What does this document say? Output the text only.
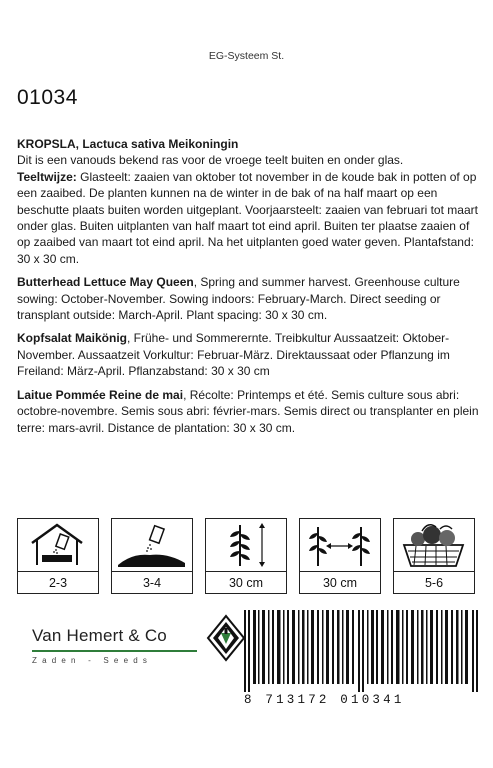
EG-Systeem St.
01034

KROPSLA, Lactuca sativa Meikoningin
Dit is een vanouds bekend ras voor de vroege teelt buiten en onder glas.
Teeltwijze: Glasteelt: zaaien van oktober tot november in de koude bak in potten of op een zaaibed. De planten kunnen na de winter in de bak of na half maart op een beschutte plaats buiten worden uitgeplant. Voorjaarsteelt: zaaien van februari tot maart onder glas. Buiten uitplanten van half maart tot eind april. Buiten ter plaatse zaaien of op zaaibed van maart tot eind april. Na het uitplanten goed water geven. Plantafstand: 30 x 30 cm.

Butterhead Lettuce May Queen, Spring and summer harvest. Greenhouse culture sowing: October-November. Sowing indoors: February-March. Direct seeding or transplant outside: March-April. Plant spacing: 30 x 30 cm.

Kopfsalat Maikönig, Frühe- und Sommerernte. Treibkultur Aussaatzeit: Oktober-November. Aussaatzeit Vorkultur: Februar-März. Direktaussaat oder Pflanzung im Freiland: März-April. Pflanzabstand: 30 x 30 cm

Laitue Pommée Reine de mai, Récolte: Printemps et été. Semis culture sous abri: octobre-novembre. Semis sous abri: février-mars. Semis direct ou transplanter en plein terre: mars-avril. Distance de plantation: 30 x 30 cm.

2-3	3-4	30 cm	30 cm	5-6
Van Hemert & Co
Zaden - Seeds
8 713172 010341
